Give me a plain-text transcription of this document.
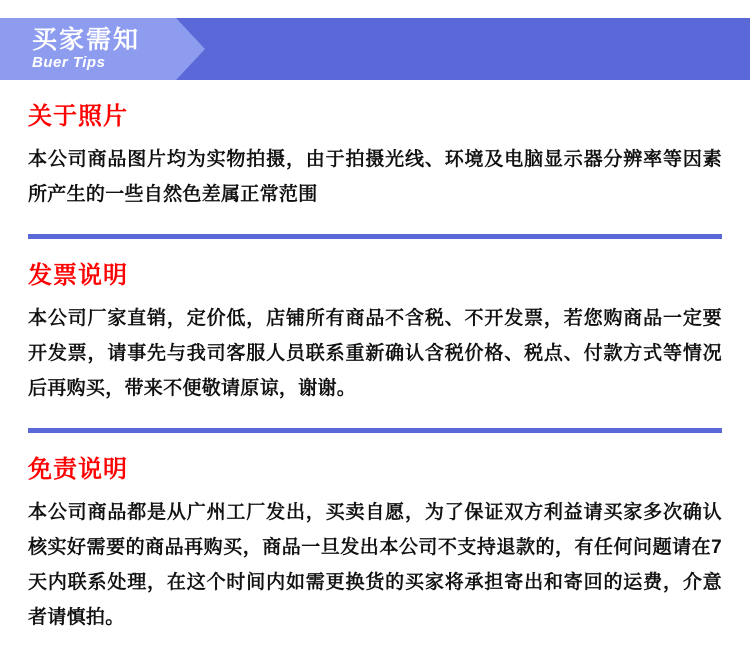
买家需知
Buer Tips
关于照片
本公司商品图片均为实物拍摄，由于拍摄光线、环境及电脑显示器分辨率等因素所产生的一些自然色差属正常范围
发票说明
本公司厂家直销，定价低，店铺所有商品不含税、不开发票，若您购商品一定要开发票，请事先与我司客服人员联系重新确认含税价格、税点、付款方式等情况后再购买，带来不便敬请原谅，谢谢。
免责说明
本公司商品都是从广州工厂发出，买卖自愿，为了保证双方利益请买家多次确认核实好需要的商品再购买，商品一旦发出本公司不支持退款的，有任何问题请在7天内联系处理，在这个时间内如需更换货的买家将承担寄出和寄回的运费，介意者请慎拍。
